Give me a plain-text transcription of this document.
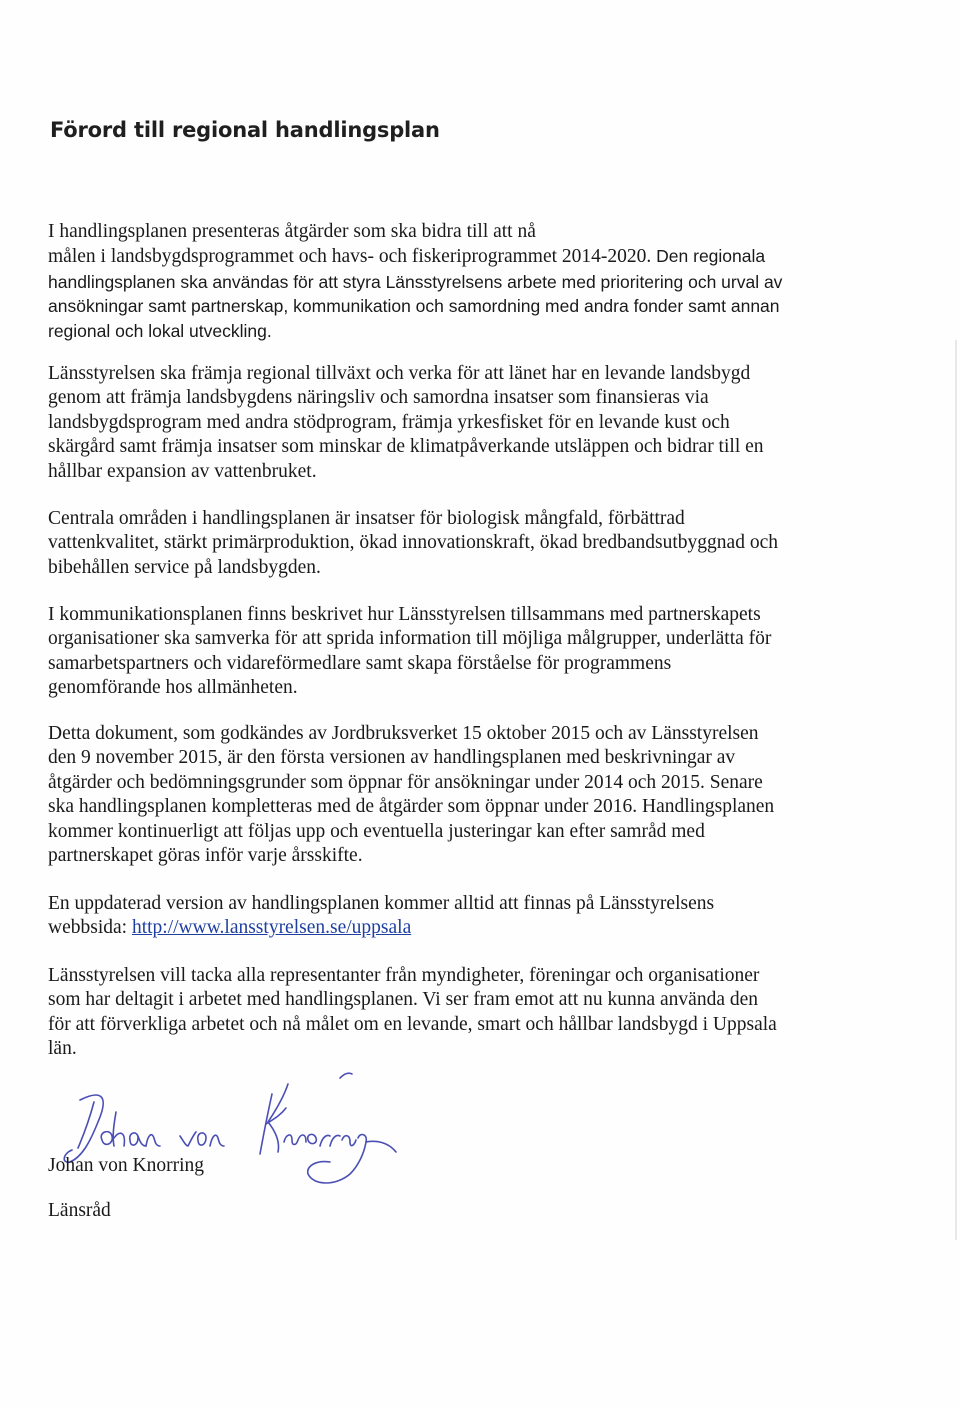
Förord till regional handlingsplan

I handlingsplanen presenteras åtgärder som ska bidra till att nå
målen i landsbygdsprogrammet och havs- och fiskeriprogrammet 2014-2020. Den regionala
handlingsplanen ska användas för att styra Länsstyrelsens arbete med prioritering och urval av
ansökningar samt partnerskap, kommunikation och samordning med andra fonder samt annan
regional och lokal utveckling.

Länsstyrelsen ska främja regional tillväxt och verka för att länet har en levande landsbygd
genom att främja landsbygdens näringsliv och samordna insatser som finansieras via
landsbygdsprogram med andra stödprogram, främja yrkesfisket för en levande kust och
skärgård samt främja insatser som minskar de klimatpåverkande utsläppen och bidrar till en
hållbar expansion av vattenbruket.

Centrala områden i handlingsplanen är insatser för biologisk mångfald, förbättrad
vattenkvalitet, stärkt primärproduktion, ökad innovationskraft, ökad bredbandsutbyggnad och
bibehållen service på landsbygden.

I kommunikationsplanen finns beskrivet hur Länsstyrelsen tillsammans med partnerskapets
organisationer ska samverka för att sprida information till möjliga målgrupper, underlätta för
samarbetspartners och vidareförmedlare samt skapa förståelse för programmens
genomförande hos allmänheten.

Detta dokument, som godkändes av Jordbruksverket 15 oktober 2015 och av Länsstyrelsen
den 9 november 2015, är den första versionen av handlingsplanen med beskrivningar av
åtgärder och bedömningsgrunder som öppnar för ansökningar under 2014 och 2015. Senare
ska handlingsplanen kompletteras med de åtgärder som öppnar under 2016. Handlingsplanen
kommer kontinuerligt att följas upp och eventuella justeringar kan efter samråd med
partnerskapet göras inför varje årsskifte.

En uppdaterad version av handlingsplanen kommer alltid att finnas på Länsstyrelsens
webbsida: http://www.lansstyrelsen.se/uppsala

Länsstyrelsen vill tacka alla representanter från myndigheter, föreningar och organisationer
som har deltagit i arbetet med handlingsplanen. Vi ser fram emot att nu kunna använda den
för att förverkliga arbetet och nå målet om en levande, smart och hållbar landsbygd i Uppsala
län.

Johan von Knorring

Länsråd
